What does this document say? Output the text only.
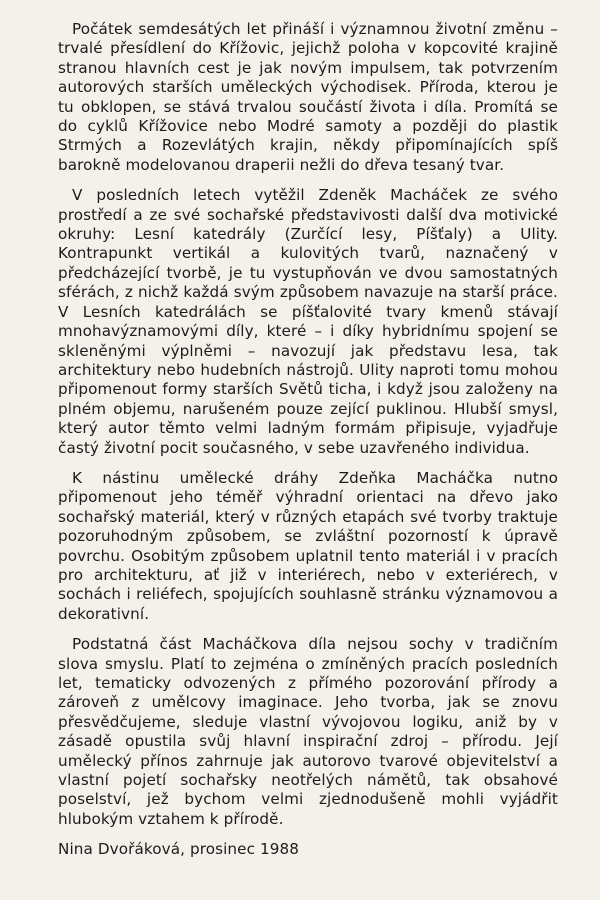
Počátek semdesátých let přináší i významnou životní změnu – trvalé přesídlení do Křížovic, jejichž poloha v kopcovité krajině stranou hlavních cest je jak novým impulsem, tak potvrzením autorových starších uměleckých východisek. Příroda, kterou je tu obklopen, se stává trvalou součástí života i díla. Promítá se do cyklů Křížovice nebo Modré samoty a později do plastik Strmých a Rozevlátých krajin, někdy připomínajících spíš barokně modelovanou draperii nežli do dřeva tesaný tvar.

V posledních letech vytěžil Zdeněk Macháček ze svého prostředí a ze své sochařské představivosti další dva motivické okruhy: Lesní katedrály (Zurčící lesy, Píšťaly) a Ulity. Kontrapunkt vertikál a kulovitých tvarů, naznačený v předcházející tvorbě, je tu vystupňován ve dvou samostatných sférách, z nichž každá svým způsobem navazuje na starší práce. V Lesních katedrálách se píšťalovité tvary kmenů stávají mnohavýznamovými díly, které – i díky hybridnímu spojení se skleněnými výplněmi – navozují jak představu lesa, tak architektury nebo hudebních nástrojů. Ulity naproti tomu mohou připomenout formy starších Světů ticha, i když jsou založeny na plném objemu, narušeném pouze zející puklinou. Hlubší smysl, který autor těmto velmi ladným formám připisuje, vyjadřuje častý životní pocit současného, v sebe uzavřeného individua.

K nástinu umělecké dráhy Zdeňka Macháčka nutno připomenout jeho téměř výhradní orientaci na dřevo jako sochařský materiál, který v různých etapách své tvorby traktuje pozoruhodným způsobem, se zvláštní pozorností k úpravě povrchu. Osobitým způsobem uplatnil tento materiál i v pracích pro architekturu, ať již v interiérech, nebo v exteriérech, v sochách i reliéfech, spojujících souhlasně stránku významovou a dekorativní.

Podstatná část Macháčkova díla nejsou sochy v tradičním slova smyslu. Platí to zejména o zmíněných pracích posledních let, tematicky odvozených z přímého pozorování přírody a zároveň z umělcovy imaginace. Jeho tvorba, jak se znovu přesvědčujeme, sleduje vlastní vývojovou logiku, aniž by v zásadě opustila svůj hlavní inspirační zdroj – přírodu. Její umělecký přínos zahrnuje jak autorovo tvarové objevitelství a vlastní pojetí sochařsky neotřelých námětů, tak obsahové poselství, jež bychom velmi zjednodušeně mohli vyjádřit hlubokým vztahem k přírodě.

Nina Dvořáková, prosinec 1988
